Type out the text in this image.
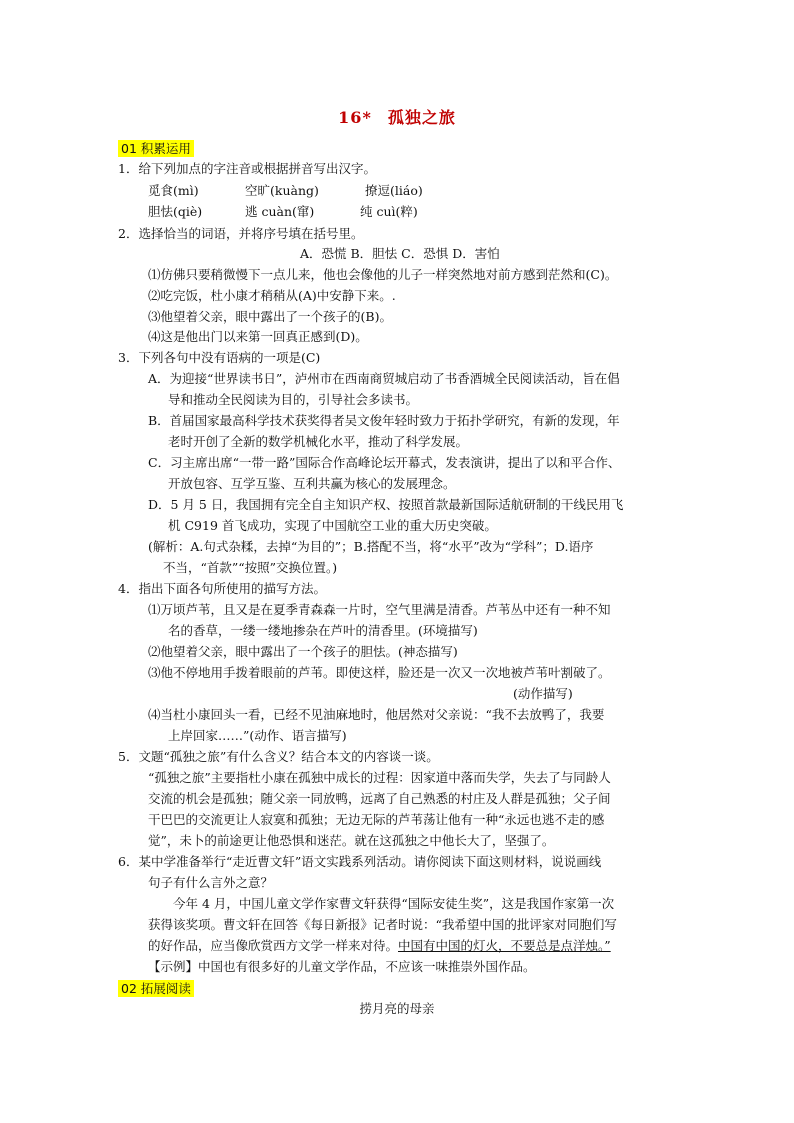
16* 孤独之旅
01 积累运用
1．给下列加点的字注音或根据拼音写出汉字。
觅食(mì)	空旷(kuàng)	撩逗(liáo)
胆怯(qiè)	逃 cuàn(窜)	纯 cuì(粹)
2．选择恰当的词语，并将序号填在括号里。
A．恐慌 B．胆怯 C．恐惧 D．害怕
⑴仿佛只要稍微慢下一点儿来，他也会像他的儿子一样突然地对前方感到茫然和(C)。
⑵吃完饭，杜小康才稍稍从(A)中安静下来。.
⑶他望着父亲，眼中露出了一个孩子的(B)。
⑷这是他出门以来第一回真正感到(D)。
3．下列各句中没有语病的一项是(C)
A．为迎接“世界读书日”，泸州市在西南商贸城启动了书香酒城全民阅读活动，旨在倡
导和推动全民阅读为目的，引导社会多读书。
B．首届国家最高科学技术获奖得者吴文俊年轻时致力于拓扑学研究，有新的发现，年
老时开创了全新的数学机械化水平，推动了科学发展。
C．习主席出席“一带一路”国际合作高峰论坛开幕式，发表演讲，提出了以和平合作、
开放包容、互学互鉴、互利共赢为核心的发展理念。
D．5 月 5 日，我国拥有完全自主知识产权、按照首款最新国际适航研制的干线民用飞
机 C919 首飞成功，实现了中国航空工业的重大历史突破。
(解析：A.句式杂糅，去掉“为目的”；B.搭配不当，将“水平”改为“学科”；D.语序
不当，“首款”“按照”交换位置。)
4．指出下面各句所使用的描写方法。
⑴万顷芦苇，且又是在夏季青森森一片时，空气里满是清香。芦苇丛中还有一种不知
名的香草，一缕一缕地掺杂在芦叶的清香里。(环境描写)
⑵他望着父亲，眼中露出了一个孩子的胆怯。(神态描写)
⑶他不停地用手拨着眼前的芦苇。即使这样，脸还是一次又一次地被芦苇叶割破了。
(动作描写)
⑷当杜小康回头一看，已经不见油麻地时，他居然对父亲说：“我不去放鸭了，我要
上岸回家……”(动作、语言描写)
5．文题“孤独之旅”有什么含义？结合本文的内容谈一谈。
“孤独之旅”主要指杜小康在孤独中成长的过程：因家道中落而失学，失去了与同龄人
交流的机会是孤独；随父亲一同放鸭，远离了自己熟悉的村庄及人群是孤独；父子间
干巴巴的交流更让人寂寞和孤独；无边无际的芦苇荡让他有一种“永远也逃不走的感
觉”，未卜的前途更让他恐惧和迷茫。就在这孤独之中他长大了，坚强了。
6．某中学准备举行“走近曹文轩”语文实践系列活动。请你阅读下面这则材料，说说画线
句子有什么言外之意？
今年 4 月，中国儿童文学作家曹文轩获得“国际安徒生奖”，这是我国作家第一次
获得该奖项。曹文轩在回答《每日新报》记者时说：“我希望中国的批评家对同胞们写
的好作品，应当像欣赏西方文学一样来对待。中国有中国的灯火，不要总是点洋烛。”
【示例】中国也有很多好的儿童文学作品，不应该一味推崇外国作品。
02 拓展阅读
捞月亮的母亲
